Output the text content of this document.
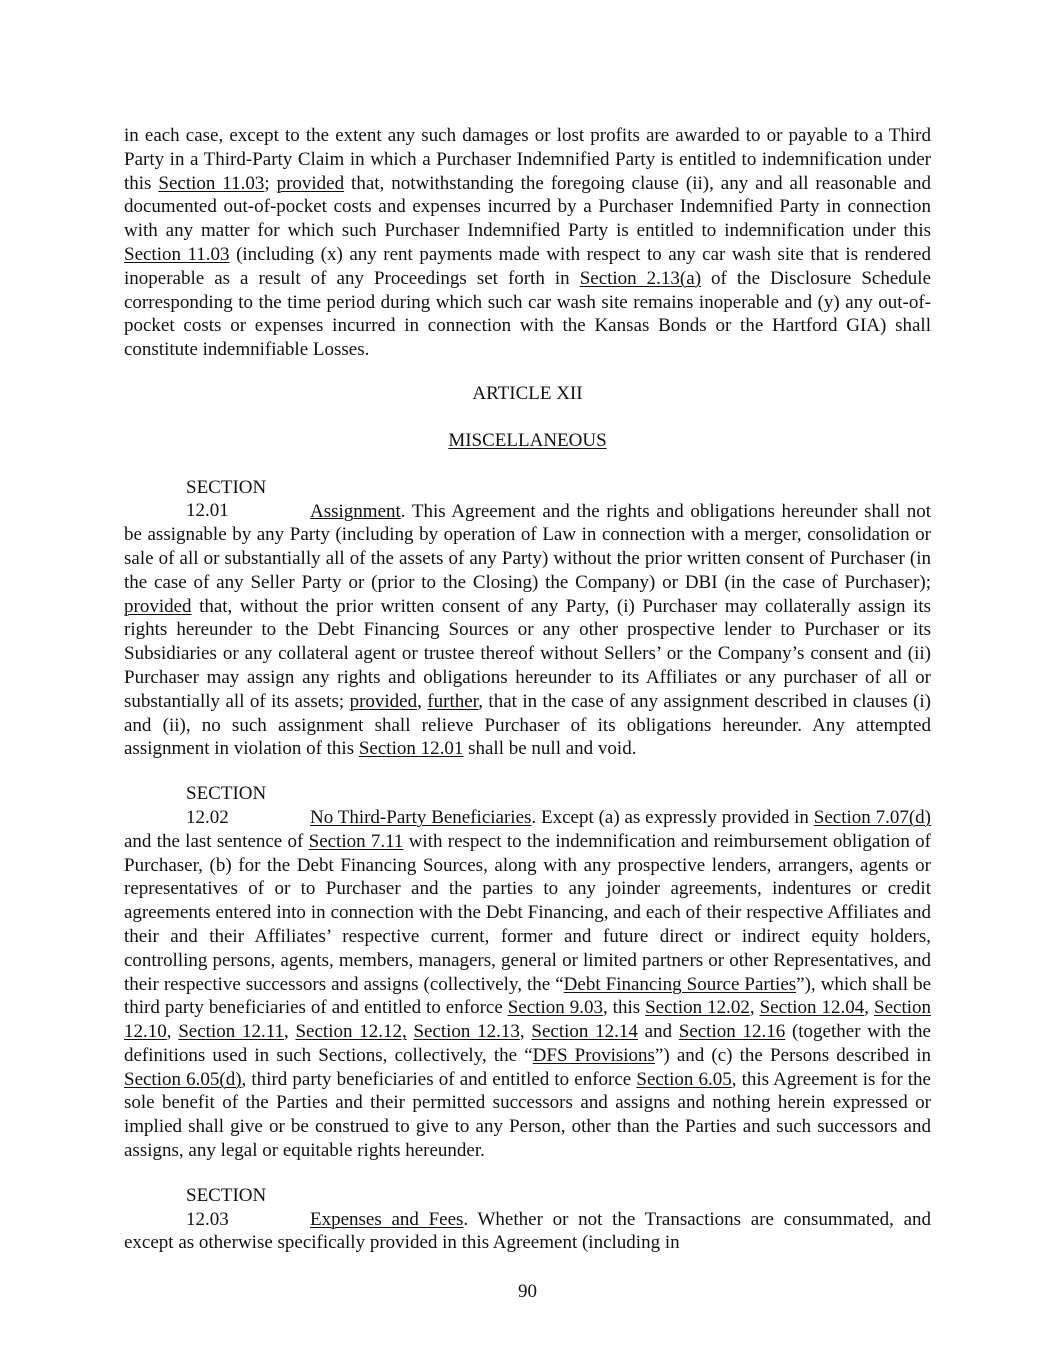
in each case, except to the extent any such damages or lost profits are awarded to or payable to a Third Party in a Third-Party Claim in which a Purchaser Indemnified Party is entitled to indemnification under this Section 11.03; provided that, notwithstanding the foregoing clause (ii), any and all reasonable and documented out-of-pocket costs and expenses incurred by a Purchaser Indemnified Party in connection with any matter for which such Purchaser Indemnified Party is entitled to indemnification under this Section 11.03 (including (x) any rent payments made with respect to any car wash site that is rendered inoperable as a result of any Proceedings set forth in Section 2.13(a) of the Disclosure Schedule corresponding to the time period during which such car wash site remains inoperable and (y) any out-of-pocket costs or expenses incurred in connection with the Kansas Bonds or the Hartford GIA) shall constitute indemnifiable Losses.

ARTICLE XII

MISCELLANEOUS

SECTION 12.01	Assignment. This Agreement and the rights and obligations hereunder shall not be assignable by any Party (including by operation of Law in connection with a merger, consolidation or sale of all or substantially all of the assets of any Party) without the prior written consent of Purchaser (in the case of any Seller Party or (prior to the Closing) the Company) or DBI (in the case of Purchaser); provided that, without the prior written consent of any Party, (i) Purchaser may collaterally assign its rights hereunder to the Debt Financing Sources or any other prospective lender to Purchaser or its Subsidiaries or any collateral agent or trustee thereof without Sellers’ or the Company’s consent and (ii) Purchaser may assign any rights and obligations hereunder to its Affiliates or any purchaser of all or substantially all of its assets; provided, further, that in the case of any assignment described in clauses (i) and (ii), no such assignment shall relieve Purchaser of its obligations hereunder. Any attempted assignment in violation of this Section 12.01 shall be null and void.

SECTION 12.02	No Third-Party Beneficiaries. Except (a) as expressly provided in Section 7.07(d) and the last sentence of Section 7.11 with respect to the indemnification and reimbursement obligation of Purchaser, (b) for the Debt Financing Sources, along with any prospective lenders, arrangers, agents or representatives of or to Purchaser and the parties to any joinder agreements, indentures or credit agreements entered into in connection with the Debt Financing, and each of their respective Affiliates and their and their Affiliates’ respective current, former and future direct or indirect equity holders, controlling persons, agents, members, managers, general or limited partners or other Representatives, and their respective successors and assigns (collectively, the “Debt Financing Source Parties”), which shall be third party beneficiaries of and entitled to enforce Section 9.03, this Section 12.02, Section 12.04, Section 12.10, Section 12.11, Section 12.12, Section 12.13, Section 12.14 and Section 12.16 (together with the definitions used in such Sections, collectively, the “DFS Provisions”) and (c) the Persons described in Section 6.05(d), third party beneficiaries of and entitled to enforce Section 6.05, this Agreement is for the sole benefit of the Parties and their permitted successors and assigns and nothing herein expressed or implied shall give or be construed to give to any Person, other than the Parties and such successors and assigns, any legal or equitable rights hereunder.

SECTION 12.03	Expenses and Fees. Whether or not the Transactions are consummated, and except as otherwise specifically provided in this Agreement (including in

90
